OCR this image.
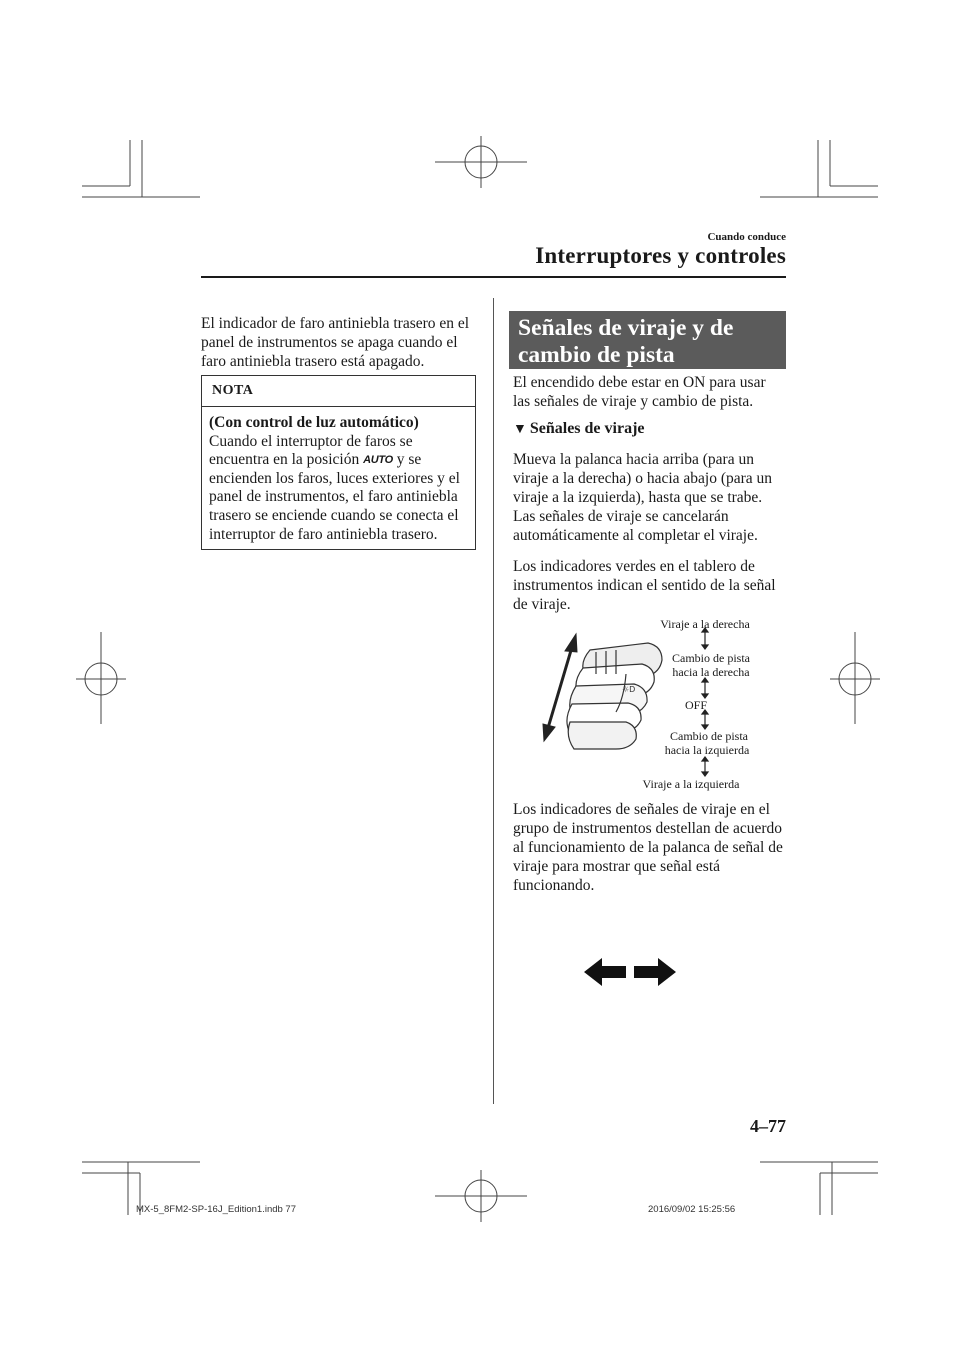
Cuando conduce
Interruptores y controles
El indicador de faro antiniebla trasero en el panel de instrumentos se apaga cuando el faro antiniebla trasero está apagado.
NOTA
(Con control de luz automático)
Cuando el interruptor de faros se encuentra en la posición AUTO y se encienden los faros, luces exteriores y el panel de instrumentos, el faro antiniebla trasero se enciende cuando se conecta el interruptor de faro antiniebla trasero.
Señales de viraje y de cambio de pista
El encendido debe estar en ON para usar las señales de viraje y cambio de pista.
▼ Señales de viraje
Mueva la palanca hacia arriba (para un viraje a la derecha) o hacia abajo (para un viraje a la izquierda), hasta que se trabe. Las señales de viraje se cancelarán automáticamente al completar el viraje.
Los indicadores verdes en el tablero de instrumentos indican el sentido de la señal de viraje.
☼D
Viraje a la derecha
Cambio de pista
hacia la derecha
OFF
Cambio de pista
hacia la izquierda
Viraje a la izquierda
Los indicadores de señales de viraje en el grupo de instrumentos destellan de acuerdo al funcionamiento de la palanca de señal de viraje para mostrar que señal está funcionando.
4–77
MX-5_8FM2-SP-16J_Edition1.indb 77	2016/09/02 15:25:56
